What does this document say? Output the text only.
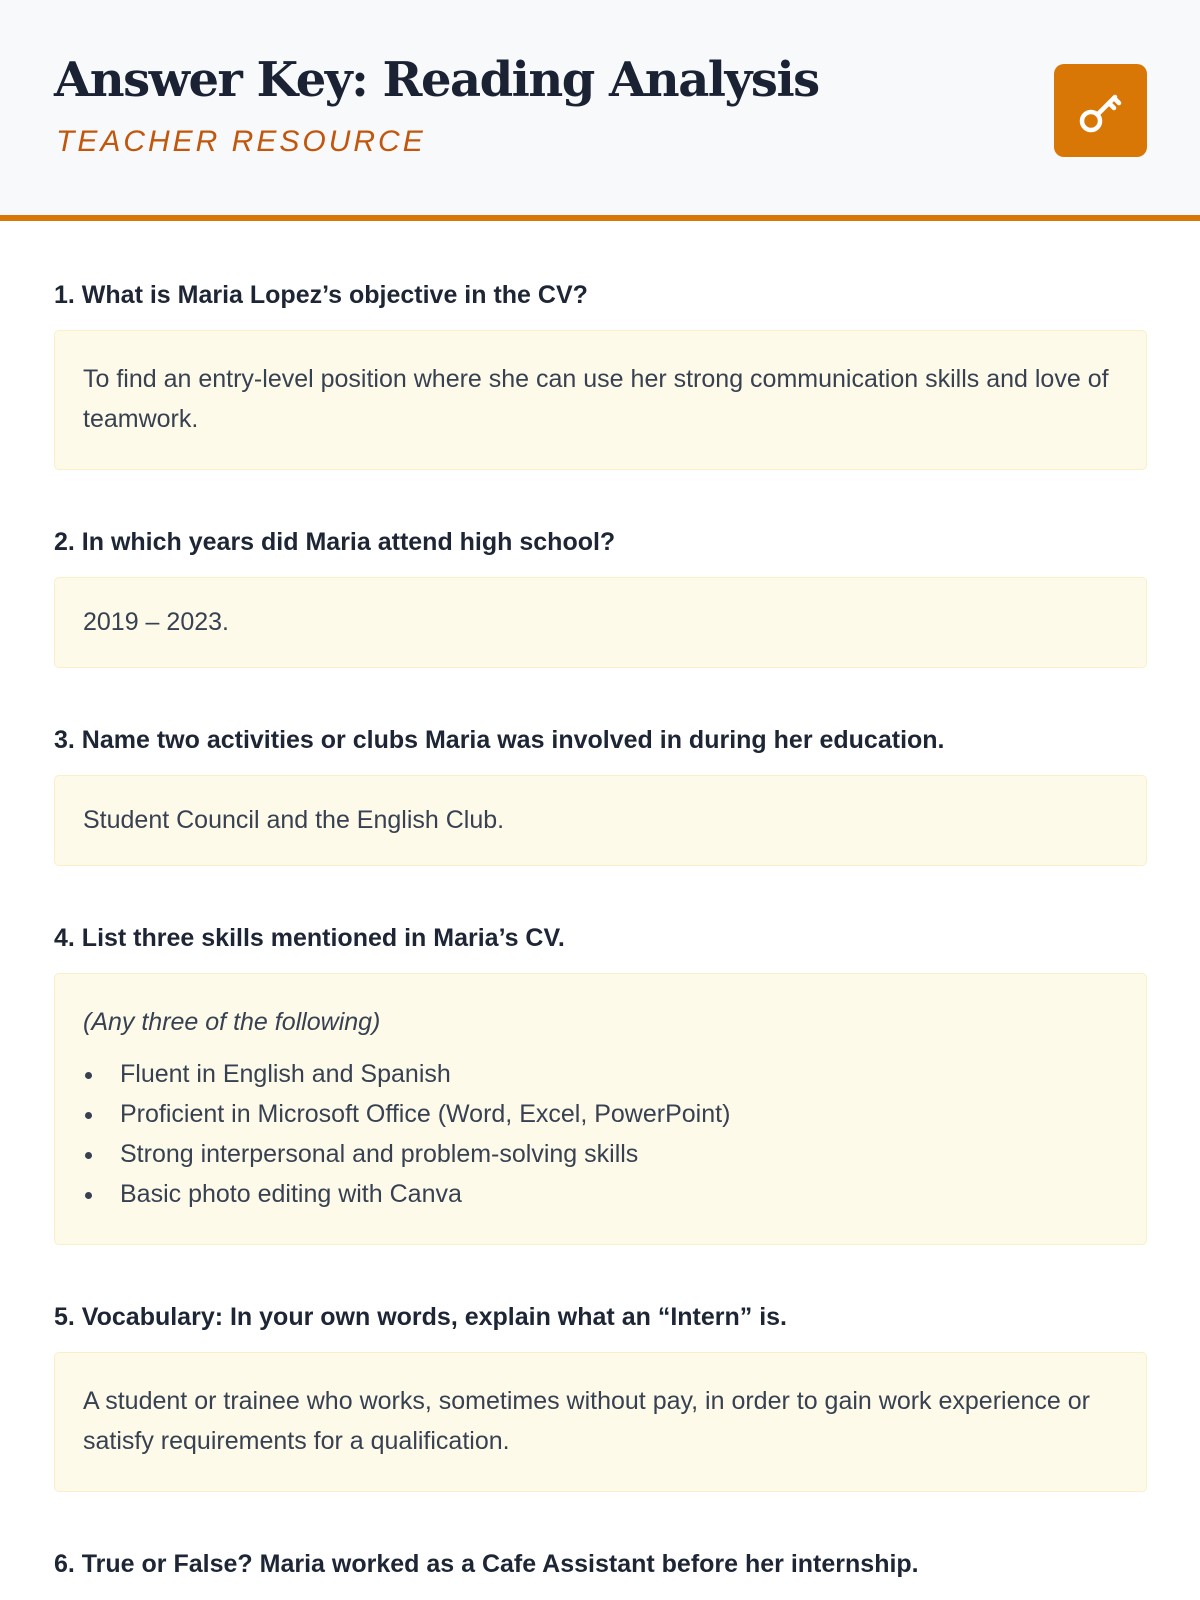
Answer Key: Reading Analysis
TEACHER RESOURCE
1. What is Maria Lopez’s objective in the CV?
To find an entry-level position where she can use her strong communication skills and love of teamwork.
2. In which years did Maria attend high school?
2019 – 2023.
3. Name two activities or clubs Maria was involved in during her education.
Student Council and the English Club.
4. List three skills mentioned in Maria’s CV.
(Any three of the following)
Fluent in English and Spanish
Proficient in Microsoft Office (Word, Excel, PowerPoint)
Strong interpersonal and problem-solving skills
Basic photo editing with Canva
5. Vocabulary: In your own words, explain what an “Intern” is.
A student or trainee who works, sometimes without pay, in order to gain work experience or satisfy requirements for a qualification.
6. True or False? Maria worked as a Cafe Assistant before her internship.
